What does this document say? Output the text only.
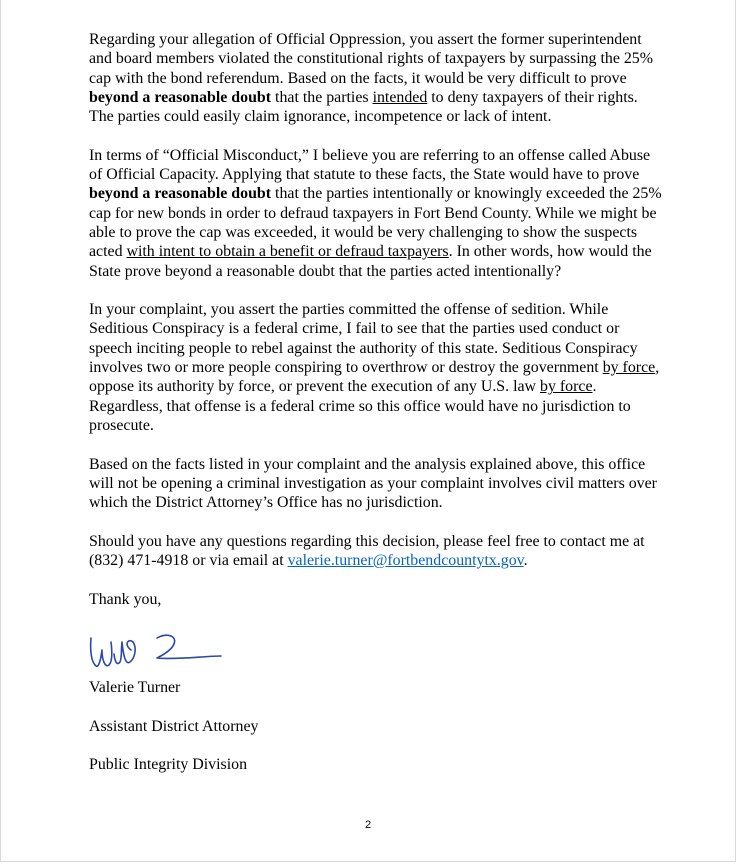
Regarding your allegation of Official Oppression, you assert the former superintendent and board members violated the constitutional rights of taxpayers by surpassing the 25% cap with the bond referendum. Based on the facts, it would be very difficult to prove beyond a reasonable doubt that the parties intended to deny taxpayers of their rights. The parties could easily claim ignorance, incompetence or lack of intent.

In terms of “Official Misconduct,” I believe you are referring to an offense called Abuse of Official Capacity. Applying that statute to these facts, the State would have to prove beyond a reasonable doubt that the parties intentionally or knowingly exceeded the 25% cap for new bonds in order to defraud taxpayers in Fort Bend County. While we might be able to prove the cap was exceeded, it would be very challenging to show the suspects acted with intent to obtain a benefit or defraud taxpayers. In other words, how would the State prove beyond a reasonable doubt that the parties acted intentionally?

In your complaint, you assert the parties committed the offense of sedition. While Seditious Conspiracy is a federal crime, I fail to see that the parties used conduct or speech inciting people to rebel against the authority of this state. Seditious Conspiracy involves two or more people conspiring to overthrow or destroy the government by force, oppose its authority by force, or prevent the execution of any U.S. law by force. Regardless, that offense is a federal crime so this office would have no jurisdiction to prosecute.

Based on the facts listed in your complaint and the analysis explained above, this office will not be opening a criminal investigation as your complaint involves civil matters over which the District Attorney’s Office has no jurisdiction.

Should you have any questions regarding this decision, please feel free to contact me at (832) 471-4918 or via email at valerie.turner@fortbendcountytx.gov.

Thank you,

Valerie Turner

Assistant District Attorney

Public Integrity Division

2
